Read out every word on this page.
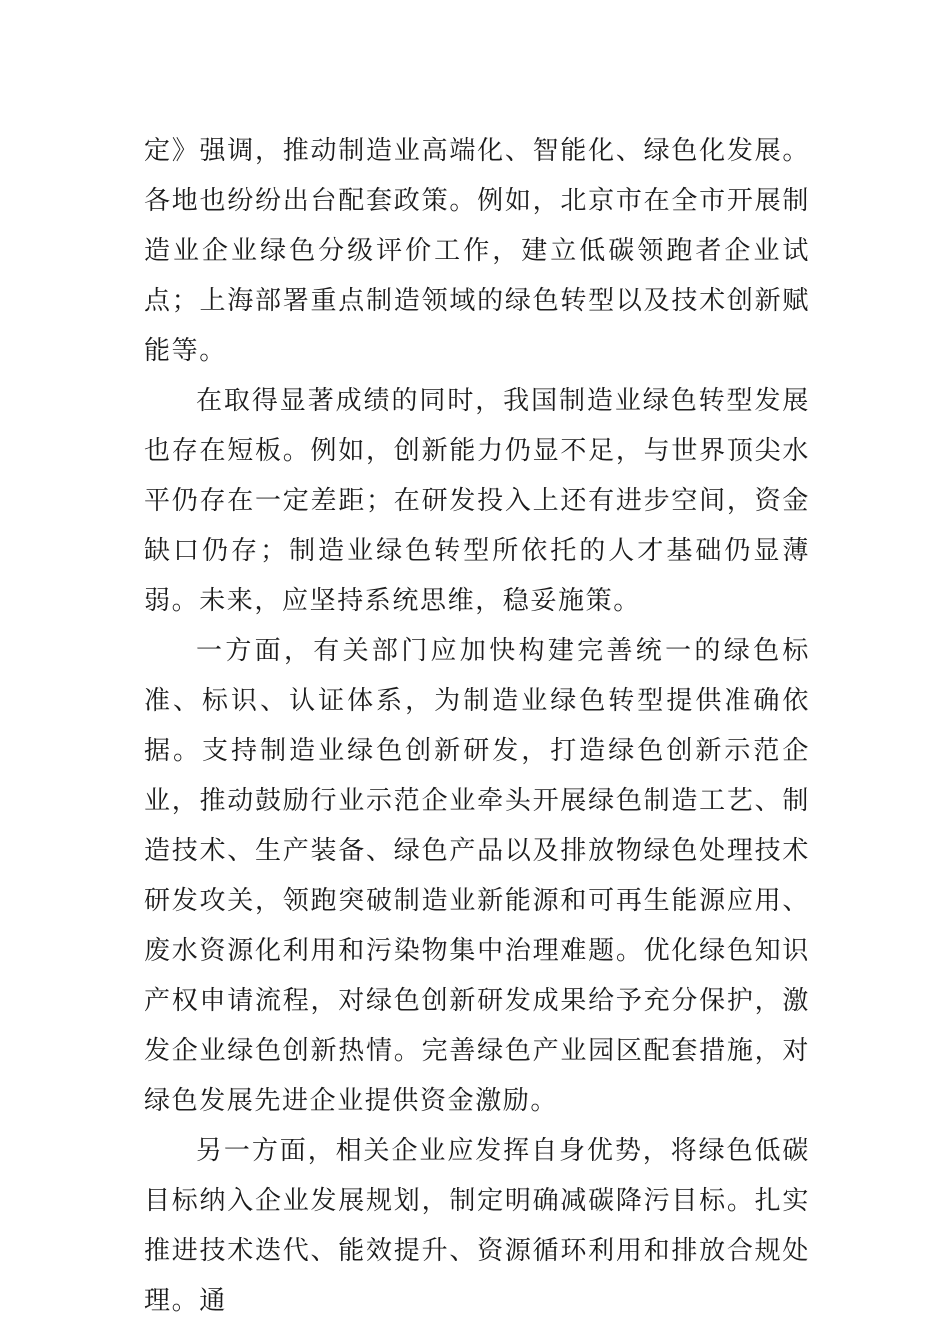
定》强调，推动制造业高端化、智能化、绿色化发展。各地也纷纷出台配套政策。例如，北京市在全市开展制造业企业绿色分级评价工作，建立低碳领跑者企业试点；上海部署重点制造领域的绿色转型以及技术创新赋能等。

在取得显著成绩的同时，我国制造业绿色转型发展也存在短板。例如，创新能力仍显不足，与世界顶尖水平仍存在一定差距；在研发投入上还有进步空间，资金缺口仍存；制造业绿色转型所依托的人才基础仍显薄弱。未来，应坚持系统思维，稳妥施策。

一方面，有关部门应加快构建完善统一的绿色标准、标识、认证体系，为制造业绿色转型提供准确依据。支持制造业绿色创新研发，打造绿色创新示范企业，推动鼓励行业示范企业牵头开展绿色制造工艺、制造技术、生产装备、绿色产品以及排放物绿色处理技术研发攻关，领跑突破制造业新能源和可再生能源应用、废水资源化利用和污染物集中治理难题。优化绿色知识产权申请流程，对绿色创新研发成果给予充分保护，激发企业绿色创新热情。完善绿色产业园区配套措施，对绿色发展先进企业提供资金激励。

另一方面，相关企业应发挥自身优势，将绿色低碳目标纳入企业发展规划，制定明确减碳降污目标。扎实推进技术迭代、能效提升、资源循环利用和排放合规处理。通
